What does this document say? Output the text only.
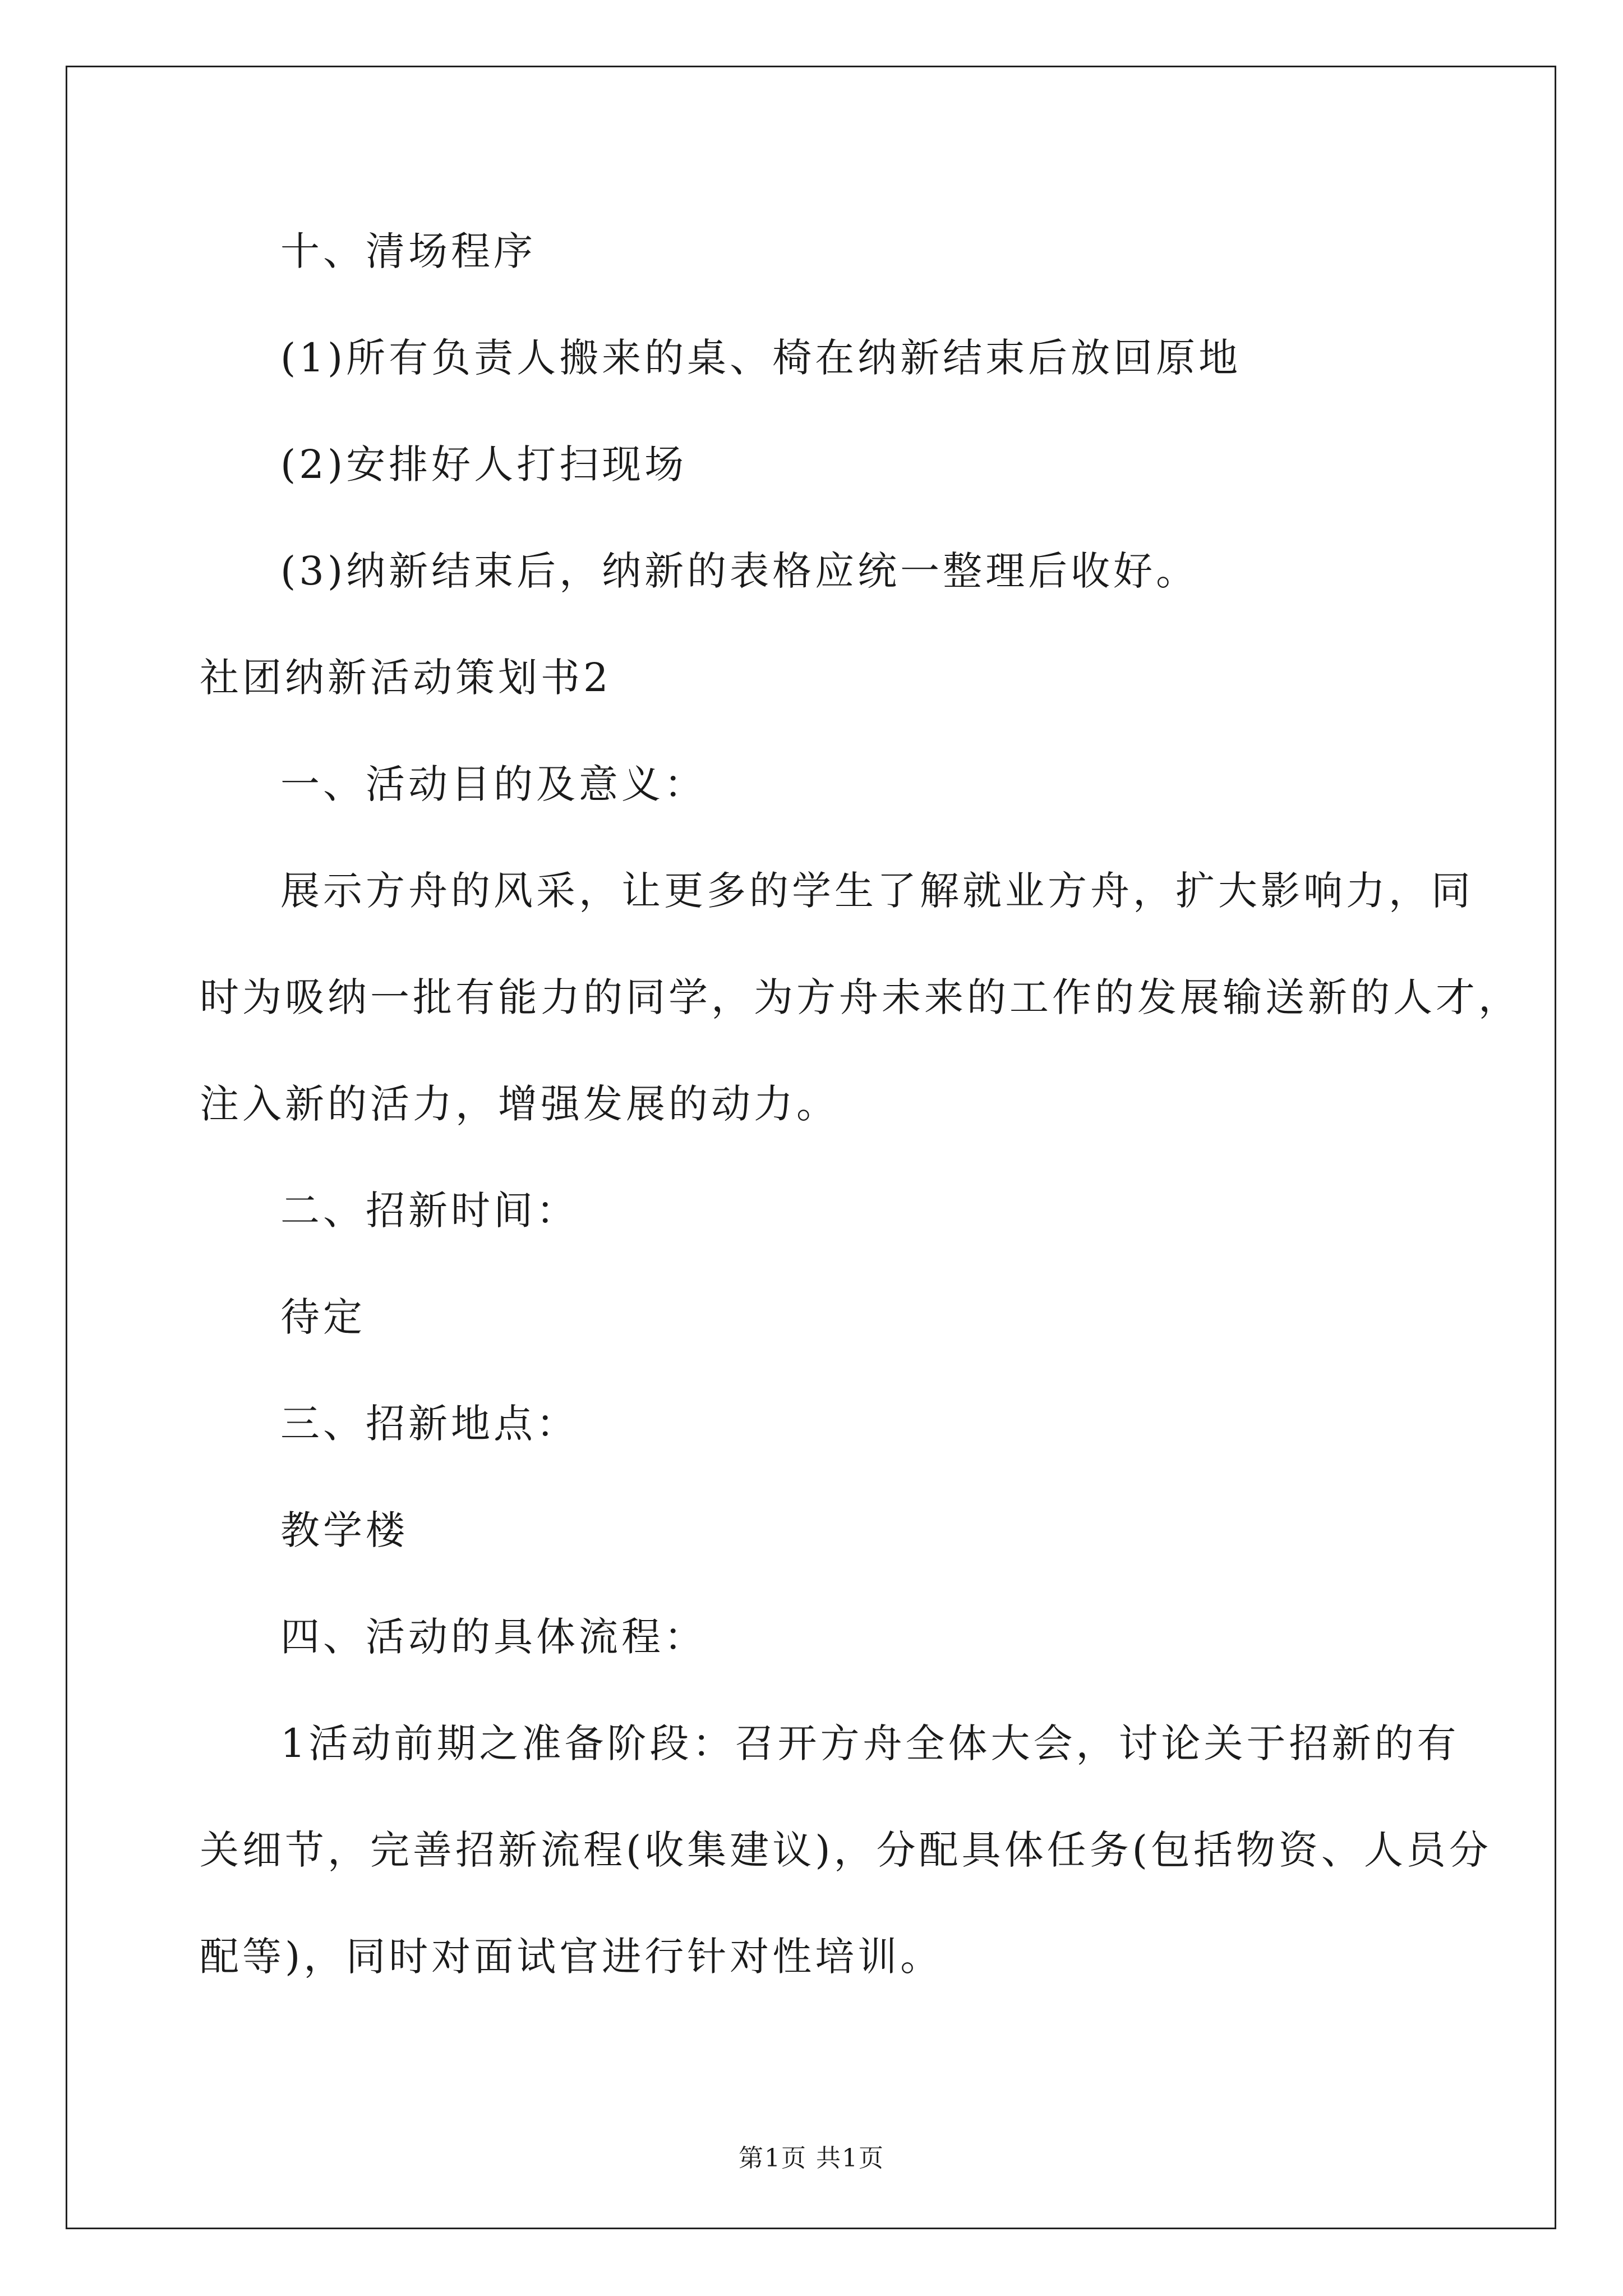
十、清场程序
(1)所有负责人搬来的桌、椅在纳新结束后放回原地
(2)安排好人打扫现场
(3)纳新结束后，纳新的表格应统一整理后收好。
社团纳新活动策划书2
一、活动目的及意义：
展示方舟的风采，让更多的学生了解就业方舟，扩大影响力，同
时为吸纳一批有能力的同学，为方舟未来的工作的发展输送新的人才，
注入新的活力，增强发展的动力。
二、招新时间：
待定
三、招新地点：
教学楼
四、活动的具体流程：
1活动前期之准备阶段：召开方舟全体大会，讨论关于招新的有
关细节，完善招新流程(收集建议)，分配具体任务(包括物资、人员分
配等)，同时对面试官进行针对性培训。
第1页 共1页
